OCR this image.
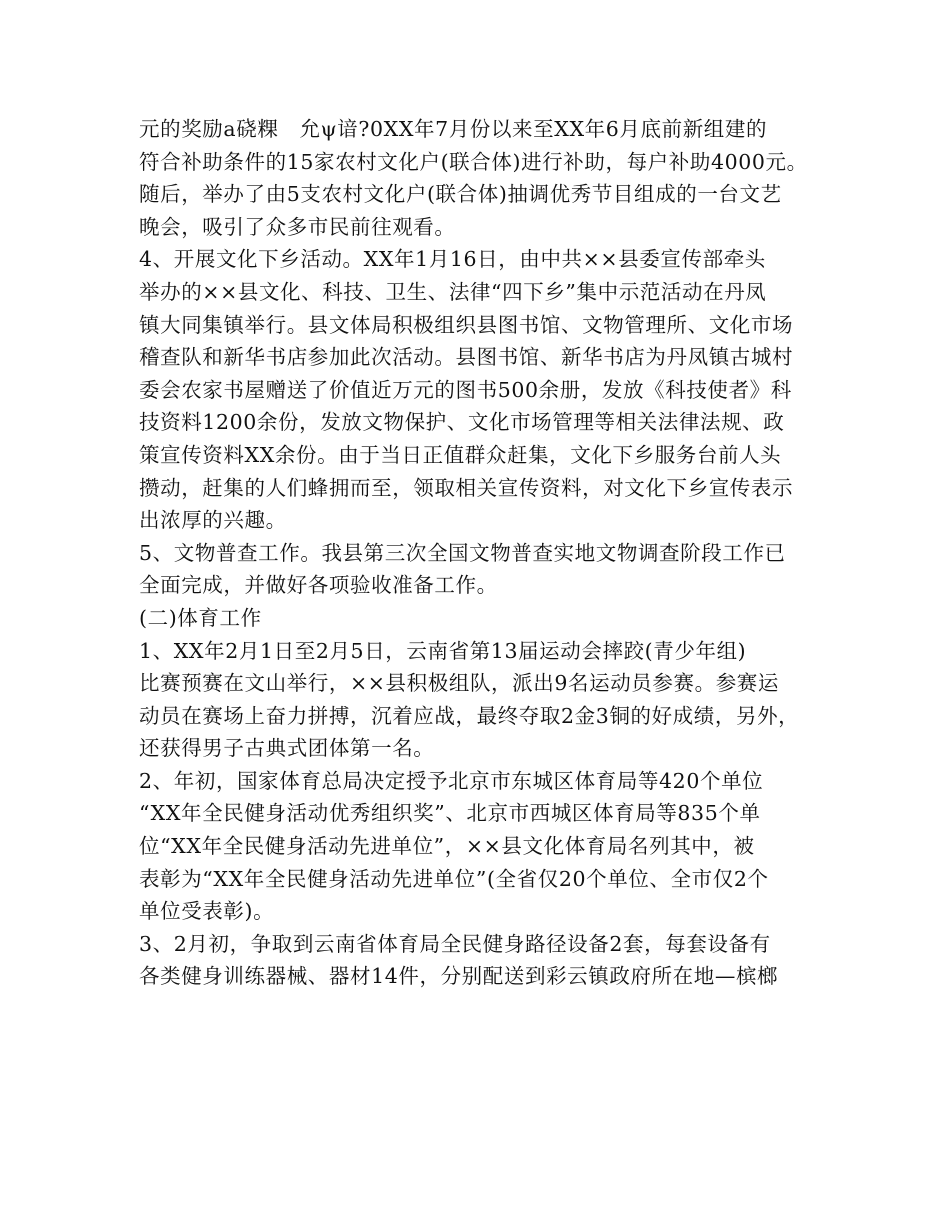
元的奖励а硗粿　允ψ谙?0XX年7月份以来至XX年6月底前新组建的
符合补助条件的15家农村文化户(联合体)进行补助，每户补助4000元。
随后，举办了由5支农村文化户(联合体)抽调优秀节目组成的一台文艺
晚会，吸引了众多市民前往观看。
4、开展文化下乡活动。XX年1月16日，由中共××县委宣传部牵头
举办的××县文化、科技、卫生、法律“四下乡”集中示范活动在丹凤
镇大同集镇举行。县文体局积极组织县图书馆、文物管理所、文化市场
稽查队和新华书店参加此次活动。县图书馆、新华书店为丹凤镇古城村
委会农家书屋赠送了价值近万元的图书500余册，发放《科技使者》科
技资料1200余份，发放文物保护、文化市场管理等相关法律法规、政
策宣传资料XX余份。由于当日正值群众赶集，文化下乡服务台前人头
攒动，赶集的人们蜂拥而至，领取相关宣传资料，对文化下乡宣传表示
出浓厚的兴趣。
5、文物普查工作。我县第三次全国文物普查实地文物调查阶段工作已
全面完成，并做好各项验收准备工作。
(二)体育工作
1、XX年2月1日至2月5日，云南省第13届运动会摔跤(青少年组)
比赛预赛在文山举行，××县积极组队，派出9名运动员参赛。参赛运
动员在赛场上奋力拼搏，沉着应战，最终夺取2金3铜的好成绩，另外，
还获得男子古典式团体第一名。
2、年初，国家体育总局决定授予北京市东城区体育局等420个单位
“XX年全民健身活动优秀组织奖”、北京市西城区体育局等835个单
位“XX年全民健身活动先进单位”，××县文化体育局名列其中，被
表彰为“XX年全民健身活动先进单位”(全省仅20个单位、全市仅2个
单位受表彰)。
3、2月初，争取到云南省体育局全民健身路径设备2套，每套设备有
各类健身训练器械、器材14件，分别配送到彩云镇政府所在地—槟榔
